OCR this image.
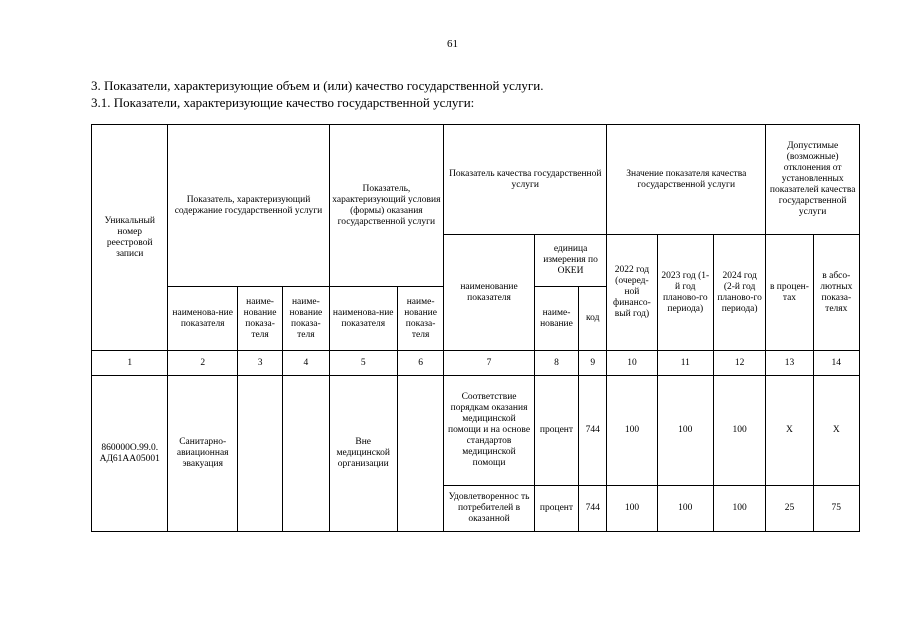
61
3. Показатели, характеризующие объем и (или) качество государственной услуги.
3.1. Показатели, характеризующие качество государственной услуги:
Уникальный номер реестровой записи	Показатель, характеризующий содержание государственной услуги			Показатель, характеризующий условия (формы) оказания государственной услуги		Показатель качества государственной услуги			Значение показателя качества государственной услуги			Допустимые (возможные) отклонения от установленных показателей качества государственной услуги	
						наименование показателя	единица измерения по ОКЕИ		2022 год (очеред-ной финансо-вый год)	2023 год (1-й год планово-го периода)	2024 год (2-й год планово-го периода)	в процен-тах	в абсо-лютных показа-телях
	наименова-ние показателя	наиме-нование показа-теля	наиме-нование показа-теля	наименова-ние показателя	наиме-нование показа-теля		наиме-нование	код					
1	2	3	4	5	6	7	8	9	10	11	12	13	14
860000О.99.0. АД61АА05001	Санитарно-авиационная эвакуация			Вне медицинской организации		Соответствие порядкам оказания медицинской помощи и на основе стандартов медицинской помощи	процент	744	100	100	100	Х	Х
						Удовлетвореннос ть потребителей в оказанной	процент	744	100	100	100	25	75
